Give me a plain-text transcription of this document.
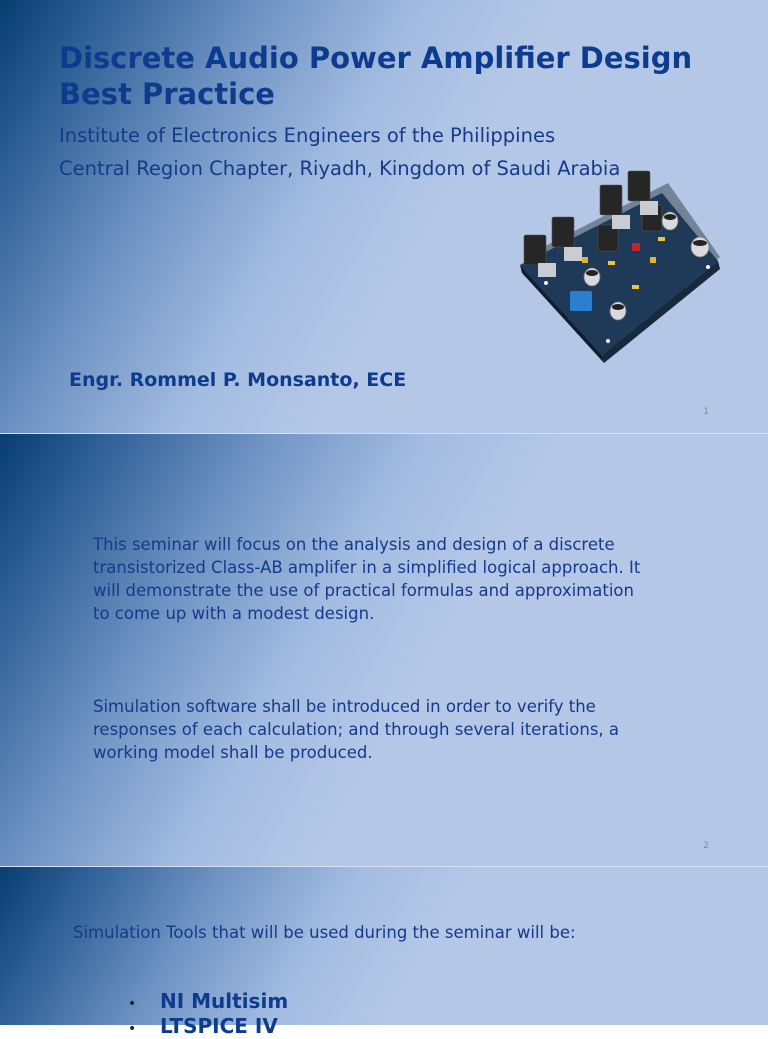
Discrete Audio Power Amplifier Design Best Practice

Institute of Electronics Engineers of the Philippines

Central Region Chapter, Riyadh, Kingdom of Saudi Arabia

Engr. Rommel P. Monsanto, ECE
1

This seminar will focus on the analysis and design of a discrete transistorized Class-AB amplifer in a simplified logical approach. It will demonstrate the use of practical formulas and approximation to come up with a modest design.

Simulation software shall be introduced in order to verify the responses of each calculation; and through several iterations, a working model shall be produced.

2

Simulation Tools that will be used during the seminar will be:

•	NI Multisim
•	LTSPICE IV
